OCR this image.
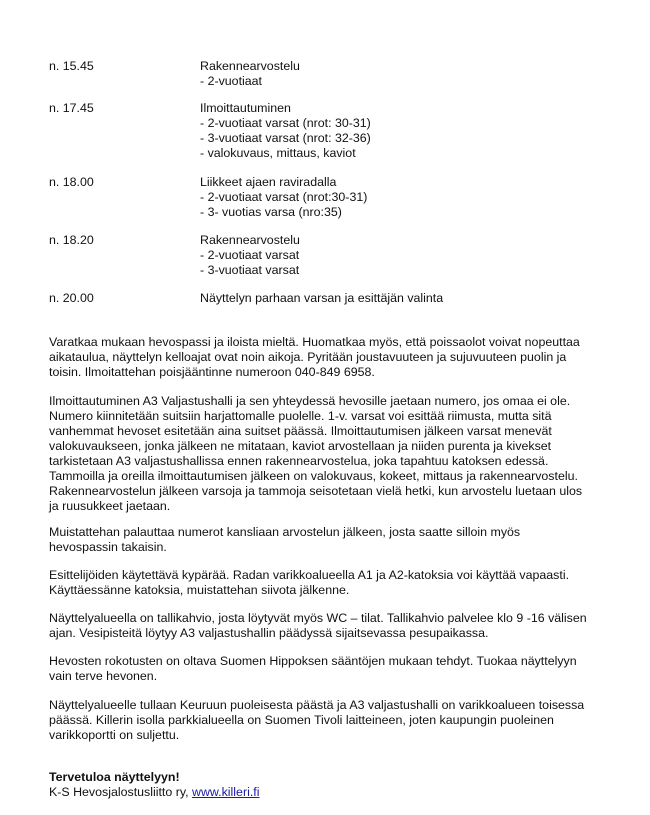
n. 15.45	Rakennearvostelu
- 2-vuotiaat
n. 17.45	Ilmoittautuminen
- 2-vuotiaat varsat (nrot: 30-31)
- 3-vuotiaat varsat (nrot: 32-36)
- valokuvaus, mittaus, kaviot
n. 18.00	Liikkeet ajaen raviradalla
- 2-vuotiaat varsat (nrot:30-31)
- 3- vuotias varsa (nro:35)
n. 18.20	Rakennearvostelu
- 2-vuotiaat varsat
- 3-vuotiaat varsat
n. 20.00	Näyttelyn parhaan varsan ja esittäjän valinta
Varatkaa mukaan hevospassi ja iloista mieltä. Huomatkaa myös, että poissaolot voivat nopeuttaa
aikataulua, näyttelyn kelloajat ovat noin aikoja. Pyritään joustavuuteen ja sujuvuuteen puolin ja
toisin. Ilmoitattehan poisjääntinne numeroon 040-849 6958.
Ilmoittautuminen A3 Valjastushalli ja sen yhteydessä hevosille jaetaan numero, jos omaa ei ole.
Numero kiinnitetään suitsiin harjattomalle puolelle. 1-v. varsat voi esittää riimusta, mutta sitä
vanhemmat hevoset esitetään aina suitset päässä. Ilmoittautumisen jälkeen varsat menevät
valokuvaukseen, jonka jälkeen ne mitataan, kaviot arvostellaan ja niiden purenta ja kivekset
tarkistetaan A3 valjastushallissa ennen rakennearvostelua, joka tapahtuu katoksen edessä.
Tammoilla ja oreilla ilmoittautumisen jälkeen on valokuvaus, kokeet, mittaus ja rakennearvostelu.
Rakennearvostelun jälkeen varsoja ja tammoja seisotetaan vielä hetki, kun arvostelu luetaan ulos
ja ruusukkeet jaetaan.
Muistattehan palauttaa numerot kansliaan arvostelun jälkeen, josta saatte silloin myös
hevospassin takaisin.
Esittelijöiden käytettävä kypärää. Radan varikkoalueella A1 ja A2-katoksia voi käyttää vapaasti.
Käyttäessänne katoksia, muistattehan siivota jälkenne.
Näyttelyalueella on tallikahvio, josta löytyvät myös WC – tilat. Tallikahvio palvelee klo 9 -16 välisen
ajan. Vesipisteitä löytyy A3 valjastushallin päädyssä sijaitsevassa pesupaikassa.
Hevosten rokotusten on oltava Suomen Hippoksen sääntöjen mukaan tehdyt. Tuokaa näyttelyyn
vain terve hevonen.
Näyttelyalueelle tullaan Keuruun puoleisesta päästä ja A3 valjastushalli on varikkoalueen toisessa
päässä. Killerin isolla parkkialueella on Suomen Tivoli laitteineen, joten kaupungin puoleinen
varikkoportti on suljettu.
Tervetuloa näyttelyyn!
K-S Hevosjalostusliitto ry, www.killeri.fi
